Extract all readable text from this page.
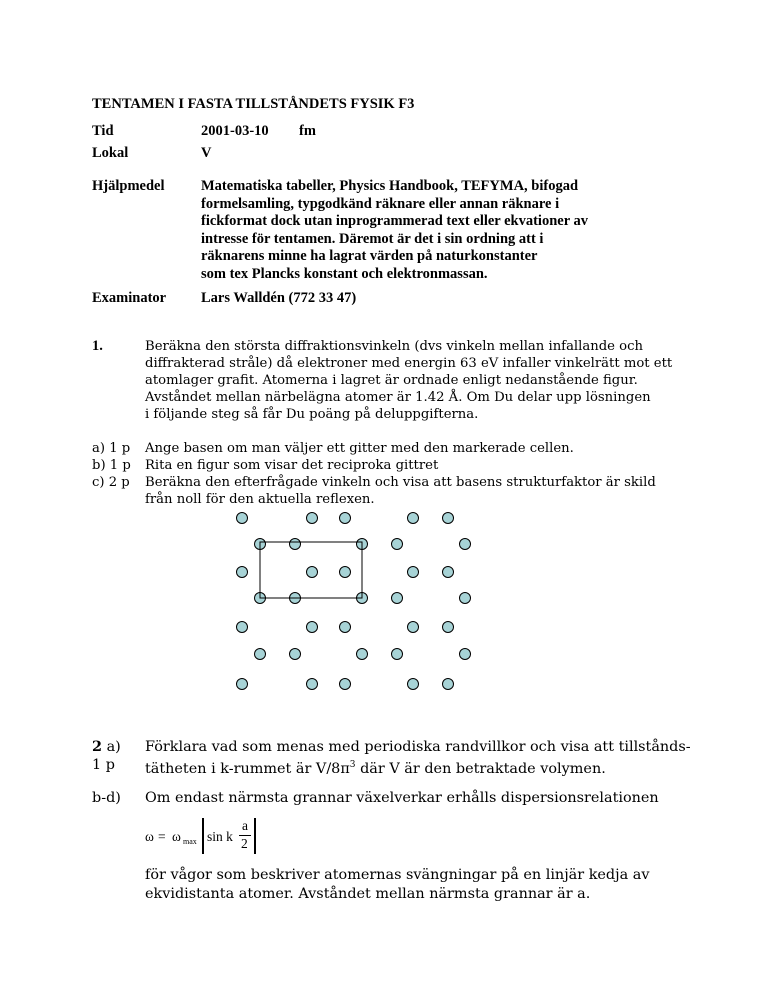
TENTAMEN I FASTA TILLSTÅNDETS FYSIK F3
Tid	2001-03-10 fm
Lokal	V
Hjälpmedel	Matematiska tabeller, Physics Handbook, TEFYMA, bifogad
formelsamling, typgodkänd räknare eller annan räknare i
fickformat dock utan inprogrammerad text eller ekvationer av
intresse för tentamen. Däremot är det i sin ordning att i
räknarens minne ha lagrat värden på naturkonstanter
som tex Plancks konstant och elektronmassan.
Examinator Lars Walldén (772 33 47)
1.	Beräkna den största diffraktionsvinkeln (dvs vinkeln mellan infallande och
diffrakterad stråle) då elektroner med energin 63 eV infaller vinkelrätt mot ett
atomlager grafit. Atomerna i lagret är ordnade enligt nedanstående figur.
Avståndet mellan närbelägna atomer är 1.42 Å. Om Du delar upp lösningen
i följande steg så får Du poäng på deluppgifterna.
a) 1 p Ange basen om man väljer ett gitter med den markerade cellen.
b) 1 p Rita en figur som visar det reciproka gittret
c) 2 p Beräkna den efterfrågade vinkeln och visa att basens strukturfaktor är skild
från noll för den aktuella reflexen.
2 a)
1 p
Förklara vad som menas med periodiska randvillkor och visa att tillstånds-
tätheten i k-rummet är $V/8\pi^3$ där V är den betraktade volymen.
b-d) Om endast närmsta grannar växelverkar erhålls dispersionsrelationen
ω = ω max sin k
a
2
för vågor som beskriver atomernas svängningar på en linjär kedja av
ekvidistanta atomer. Avståndet mellan närmsta grannar är a.
